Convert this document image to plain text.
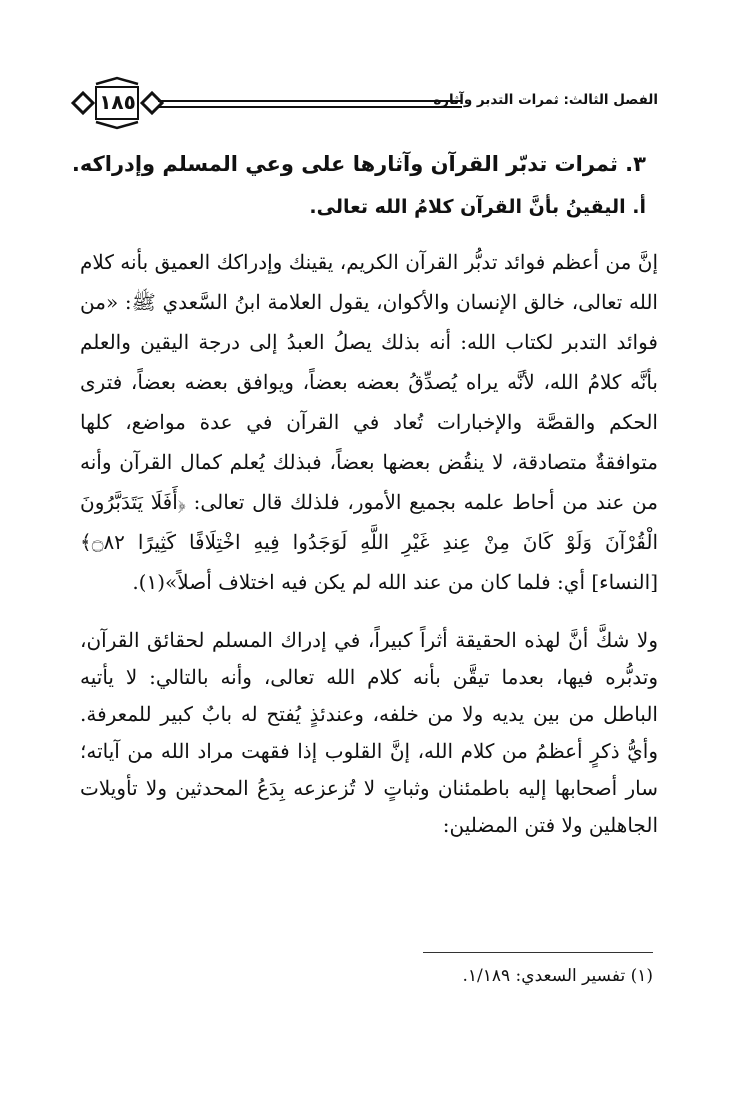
١٨٥	الفصل الثالث: ثمرات التدبر وآثاره
٣. ثمرات تدبّر القرآن وآثارها على وعي المسلم وإدراكه.
أ. اليقينُ بأنَّ القرآن كلامُ الله تعالى.
إنَّ من أعظم فوائد تدبُّر القرآن الكريم، يقينك وإدراكك العميق بأنه كلام الله تعالى، خالق الإنسان والأكوان، يقول العلامة ابنُ السَّعدي ﷺ: «من فوائد التدبر لكتاب الله: أنه بذلك يصلُ العبدُ إلى درجة اليقين والعلم بأنَّه كلامُ الله، لأنَّه يراه يُصدِّقُ بعضه بعضاً، ويوافق بعضه بعضاً، فترى الحكم والقصَّة والإخبارات تُعاد في القرآن في عدة مواضع، كلها متوافقةٌ متصادقة، لا ينقُض بعضها بعضاً، فبذلك يُعلم كمال القرآن وأنه من عند من أحاط علمه بجميع الأمور، فلذلك قال تعالى: ﴿أَفَلَا يَتَدَبَّرُونَ الْقُرْآنَ وَلَوْ كَانَ مِنْ عِندِ غَيْرِ اللَّهِ لَوَجَدُوا فِيهِ اخْتِلَافًا كَثِيرًا ۝٨٢﴾ [النساء] أي: فلما كان من عند الله لم يكن فيه اختلاف أصلاً»(١).
ولا شكَّ أنَّ لهذه الحقيقة أثراً كبيراً، في إدراك المسلم لحقائق القرآن، وتدبُّره فيها، بعدما تيقَّن بأنه كلام الله تعالى، وأنه بالتالي: لا يأتيه الباطل من بين يديه ولا من خلفه، وعندئذٍ يُفتح له بابٌ كبير للمعرفة. وأيُّ ذكرٍ أعظمُ من كلام الله، إنَّ القلوب إذا فقهت مراد الله من آياته؛ سار أصحابها إليه باطمئنان وثباتٍ لا تُزعزعه بِدَعُ المحدثين ولا تأويلات الجاهلين ولا فتن المضلين:
(١) تفسير السعدي: ١/١٨٩.
